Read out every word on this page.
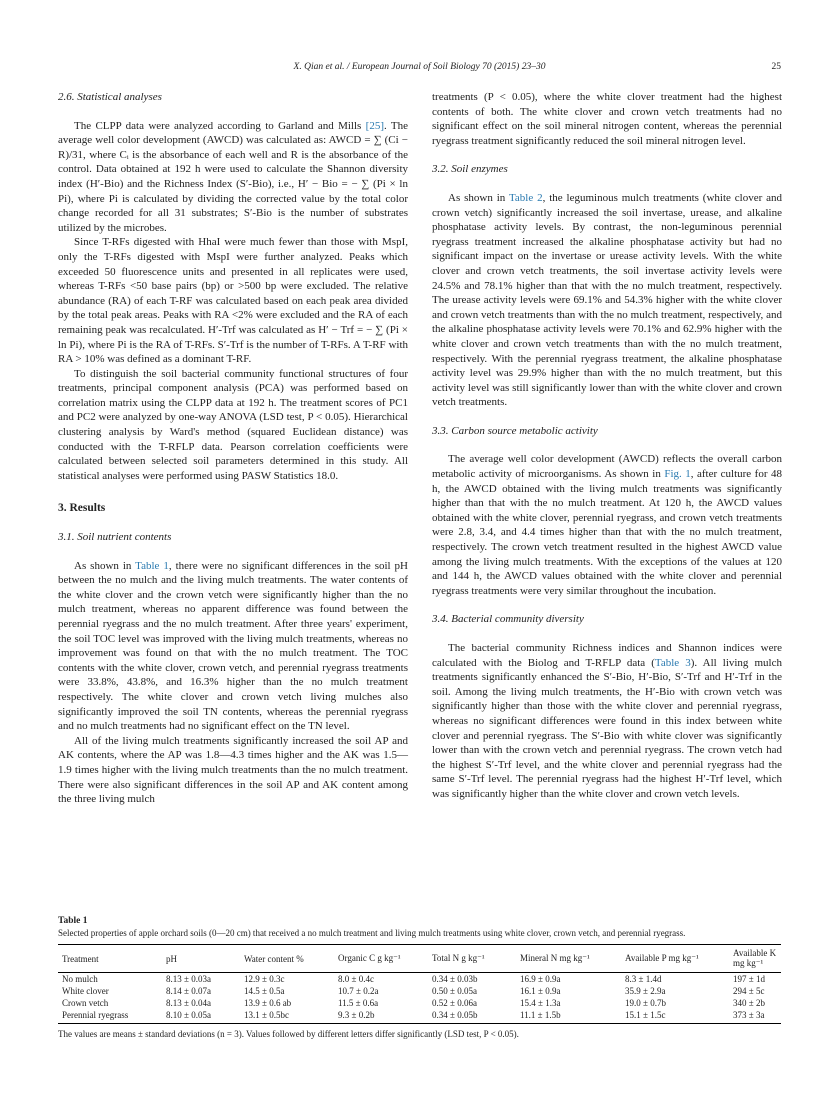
X. Qian et al. / European Journal of Soil Biology 70 (2015) 23–30	25
2.6. Statistical analyses

The CLPP data were analyzed according to Garland and Mills [25]. The average well color development (AWCD) was calculated as: AWCD = ∑ (Ci − R)/31, where Cᵢ is the absorbance of each well and R is the absorbance of the control. Data obtained at 192 h were used to calculate the Shannon diversity index (H′-Bio) and the Richness Index (S′-Bio), i.e., H′ − Bio = − ∑ (Pi × ln Pi), where Pi is calculated by dividing the corrected value by the total color change recorded for all 31 substrates; S′-Bio is the number of substrates utilized by the microbes.

Since T-RFs digested with HhaI were much fewer than those with MspI, only the T-RFs digested with MspI were further analyzed. Peaks which exceeded 50 fluorescence units and presented in all replicates were used, whereas T-RFs <50 base pairs (bp) or >500 bp were excluded. The relative abundance (RA) of each T-RF was calculated based on each peak area divided by the total peak areas. Peaks with RA <2% were excluded and the RA of each remaining peak was recalculated. H′-Trf was calculated as H′ − Trf = − ∑ (Pi × ln Pi), where Pi is the RA of T-RFs. S′-Trf is the number of T-RFs. A T-RF with RA > 10% was defined as a dominant T-RF.

To distinguish the soil bacterial community functional structures of four treatments, principal component analysis (PCA) was performed based on correlation matrix using the CLPP data at 192 h. The treatment scores of PC1 and PC2 were analyzed by one-way ANOVA (LSD test, P < 0.05). Hierarchical clustering analysis by Ward's method (squared Euclidean distance) was conducted with the T-RFLP data. Pearson correlation coefficients were calculated between selected soil parameters determined in this study. All statistical analyses were performed using PASW Statistics 18.0.

3. Results
3.1. Soil nutrient contents

As shown in Table 1, there were no significant differences in the soil pH between the no mulch and the living mulch treatments. The water contents of the white clover and the crown vetch were significantly higher than the no mulch treatment, whereas no apparent difference was found between the perennial ryegrass and the no mulch treatment. After three years' experiment, the soil TOC level was improved with the living mulch treatments, whereas no improvement was found on that with the no mulch treatment. The TOC contents with the white clover, crown vetch, and perennial ryegrass treatments were 33.8%, 43.8%, and 16.3% higher than the no mulch treatment respectively. The white clover and crown vetch living mulches also significantly improved the soil TN contents, whereas the perennial ryegrass and no mulch treatments had no significant effect on the TN level.

All of the living mulch treatments significantly increased the soil AP and AK contents, where the AP was 1.8—4.3 times higher and the AK was 1.5—1.9 times higher with the living mulch treatments than the no mulch treatment. There were also significant differences in the soil AP and AK content among the three living mulch

treatments (P < 0.05), where the white clover treatment had the highest contents of both. The white clover and crown vetch treatments had no significant effect on the soil mineral nitrogen content, whereas the perennial ryegrass treatment significantly reduced the soil mineral nitrogen level.

3.2. Soil enzymes

As shown in Table 2, the leguminous mulch treatments (white clover and crown vetch) significantly increased the soil invertase, urease, and alkaline phosphatase activity levels. By contrast, the non-leguminous perennial ryegrass treatment increased the alkaline phosphatase activity but had no significant impact on the invertase or urease activity levels. With the white clover and crown vetch treatments, the soil invertase activity levels were 24.5% and 78.1% higher than that with the no mulch treatment, respectively. The urease activity levels were 69.1% and 54.3% higher with the white clover and crown vetch treatments than with the no mulch treatment, respectively, and the alkaline phosphatase activity levels were 70.1% and 62.9% higher with the white clover and crown vetch treatments than with the no mulch treatment, respectively. With the perennial ryegrass treatment, the alkaline phosphatase activity level was 29.9% higher than with the no mulch treatment, but this activity level was still significantly lower than with the white clover and crown vetch treatments.

3.3. Carbon source metabolic activity

The average well color development (AWCD) reflects the overall carbon metabolic activity of microorganisms. As shown in Fig. 1, after culture for 48 h, the AWCD obtained with the living mulch treatments was significantly higher than that with the no mulch treatment. At 120 h, the AWCD values obtained with the white clover, perennial ryegrass, and crown vetch treatments were 2.8, 3.4, and 4.4 times higher than that with the no mulch treatment, respectively. The crown vetch treatment resulted in the highest AWCD value among the living mulch treatments. With the exceptions of the values at 120 and 144 h, the AWCD values obtained with the white clover and perennial ryegrass treatments were very similar throughout the incubation.

3.4. Bacterial community diversity

The bacterial community Richness indices and Shannon indices were calculated with the Biolog and T-RFLP data (Table 3). All living mulch treatments significantly enhanced the S′-Bio, H′-Bio, S′-Trf and H′-Trf in the soil. Among the living mulch treatments, the H′-Bio with crown vetch was significantly higher than those with the white clover and perennial ryegrass, whereas no significant differences were found in this index between white clover and perennial ryegrass. The S′-Bio with white clover was significantly lower than with the crown vetch and perennial ryegrass. The crown vetch had the highest S′-Trf level, and the white clover and perennial ryegrass had the same S′-Trf level. The perennial ryegrass had the highest H′-Trf level, which was significantly higher than the white clover and crown vetch levels.

Table 1
Selected properties of apple orchard soils (0—20 cm) that received a no mulch treatment and living mulch treatments using white clover, crown vetch, and perennial ryegrass.
Treatment	pH	Water content %	Organic C g kg⁻¹	Total N g kg⁻¹	Mineral N mg kg⁻¹	Available P mg kg⁻¹	Available K mg kg⁻¹
No mulch	8.13 ± 0.03a	12.9 ± 0.3c	8.0 ± 0.4c	0.34 ± 0.03b	16.9 ± 0.9a	8.3 ± 1.4d	197 ± 1d
White clover	8.14 ± 0.07a	14.5 ± 0.5a	10.7 ± 0.2a	0.50 ± 0.05a	16.1 ± 0.9a	35.9 ± 2.9a	294 ± 5c
Crown vetch	8.13 ± 0.04a	13.9 ± 0.6 ab	11.5 ± 0.6a	0.52 ± 0.06a	15.4 ± 1.3a	19.0 ± 0.7b	340 ± 2b
Perennial ryegrass	8.10 ± 0.05a	13.1 ± 0.5bc	9.3 ± 0.2b	0.34 ± 0.05b	11.1 ± 1.5b	15.1 ± 1.5c	373 ± 3a
The values are means ± standard deviations (n = 3). Values followed by different letters differ significantly (LSD test, P < 0.05).
